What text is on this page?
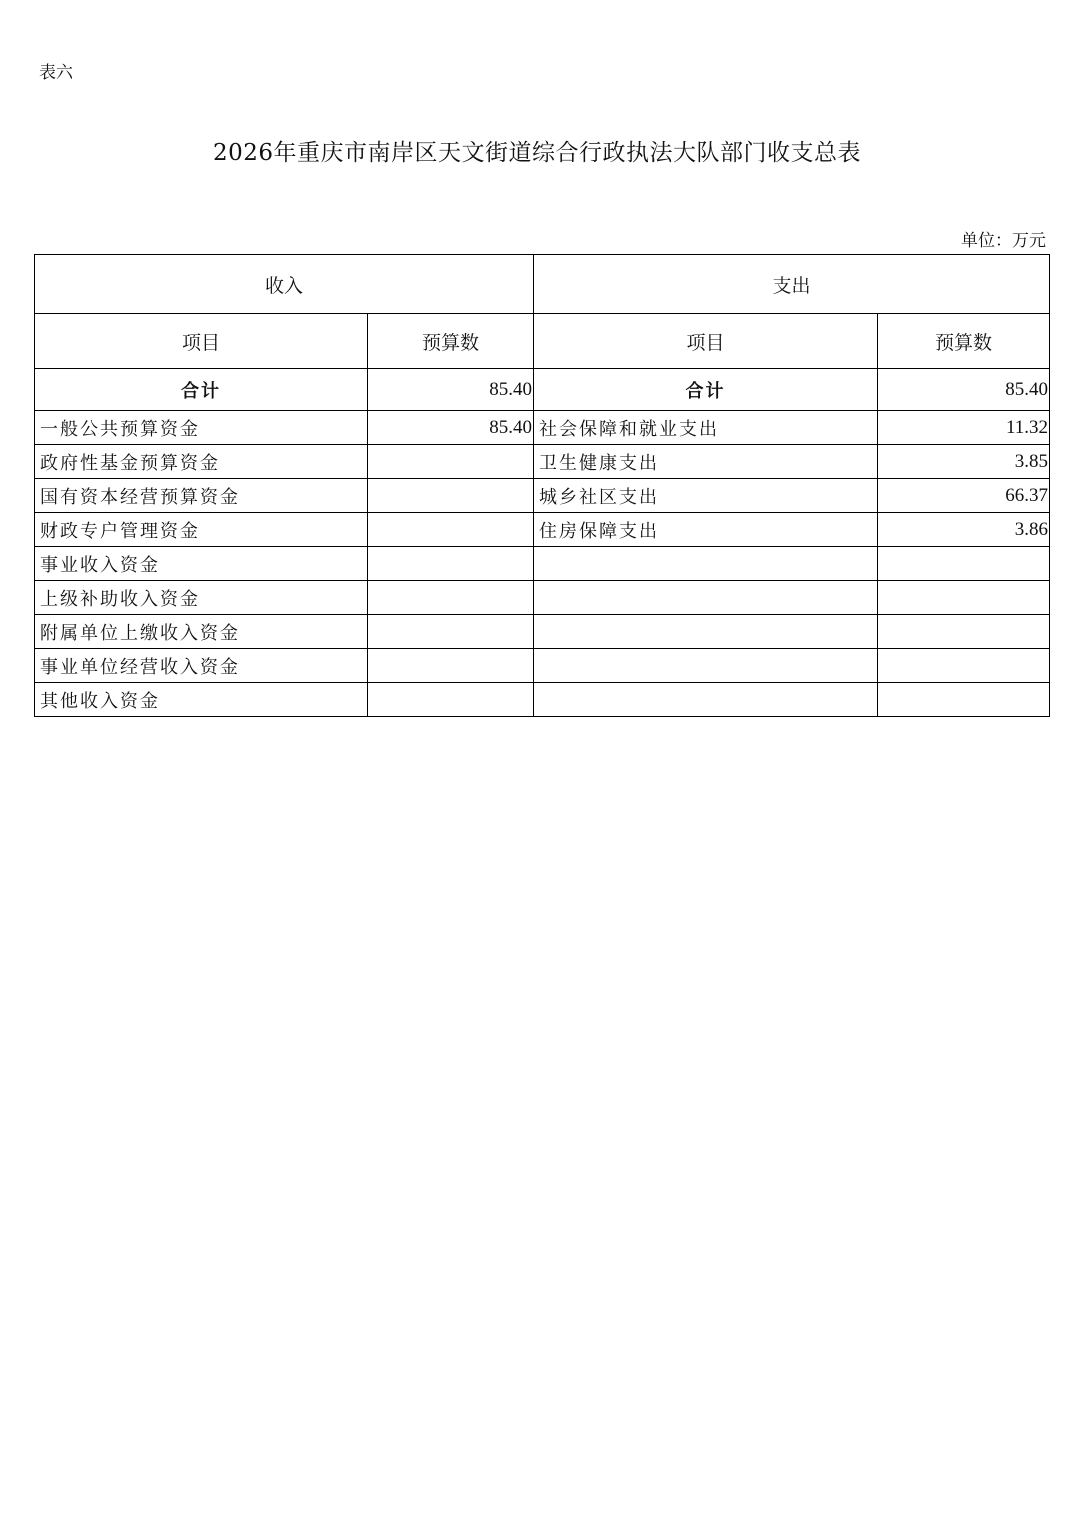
表六
2026年重庆市南岸区天文街道综合行政执法大队部门收支总表
单位：万元
收入		支出	
项目	预算数	项目	预算数
合计	85.40	合计	85.40
一般公共预算资金	85.40	社会保障和就业支出	11.32
政府性基金预算资金		卫生健康支出	3.85
国有资本经营预算资金		城乡社区支出	66.37
财政专户管理资金		住房保障支出	3.86
事业收入资金			
上级补助收入资金			
附属单位上缴收入资金			
事业单位经营收入资金			
其他收入资金			
